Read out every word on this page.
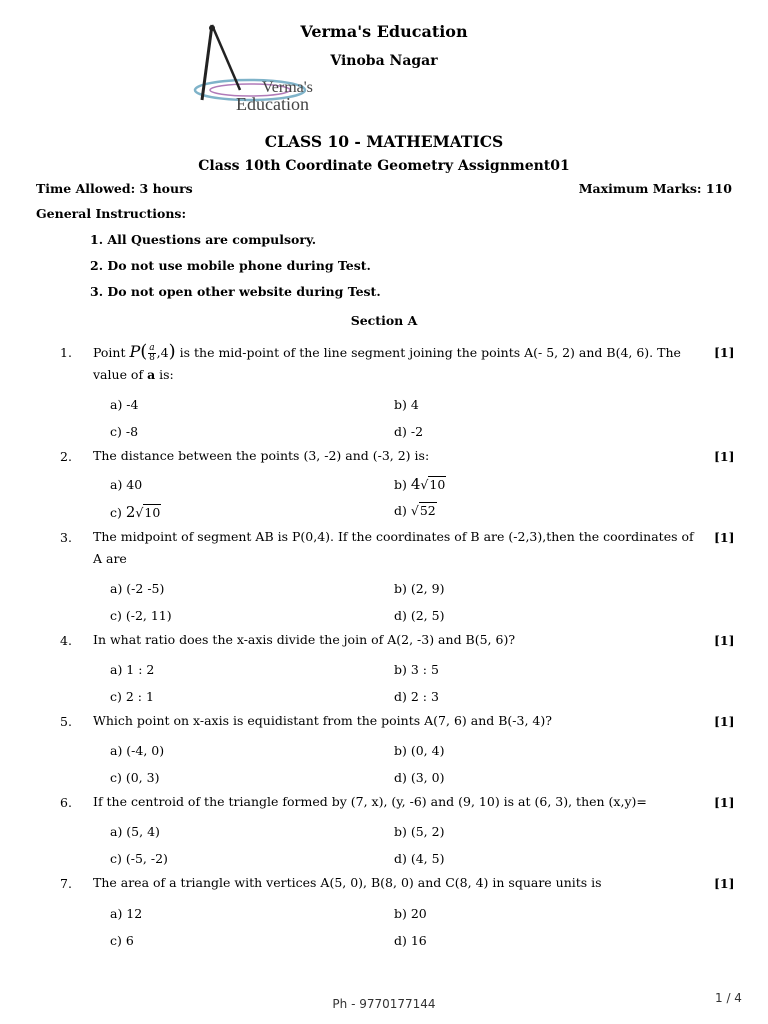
Verma's Education
Vinoba Nagar
Verma's
Education
CLASS 10 - MATHEMATICS
Class 10th Coordinate Geometry Assignment01
Time Allowed: 3 hours	Maximum Marks: 110
General Instructions:
1. All Questions are compulsory.
2. Do not use mobile phone during Test.
3. Do not open other website during Test.
Section A
1. Point $P( \frac{a}{8} ,4)$ is the mid-point of the line segment joining the points A(- 5, 2) and B(4, 6). The
value of a is:
[1]
a) -4	b) 4
c) -8	d) -2
2. The distance between the points (3, -2) and (-3, 2) is:	[1]
a) 40	b) 4√10
c) 2√10	d) √52
3. The midpoint of segment AB is P(0,4). If the coordinates of B are (-2,3),then the coordinates of A are
[1]
a) (-2 -5)	b) (2, 9)
c) (-2, 11)	d) (2, 5)
4. In what ratio does the x-axis divide the join of A(2, -3) and B(5, 6)?	[1]
a) 1 : 2	b) 3 : 5
c) 2 : 1	d) 2 : 3
5. Which point on x-axis is equidistant from the points A(7, 6) and B(-3, 4)?	[1]
a) (-4, 0)	b) (0, 4)
c) (0, 3)	d) (3, 0)
6. If the centroid of the triangle formed by (7, x), (y, -6) and (9, 10) is at (6, 3), then (x,y)=	[1]
a) (5, 4)	b) (5, 2)
c) (-5, -2)	d) (4, 5)
7. The area of a triangle with vertices A(5, 0), B(8, 0) and C(8, 4) in square units is	[1]
a) 12	b) 20
c) 6	d) 16
Ph - 9770177144	1 / 4
